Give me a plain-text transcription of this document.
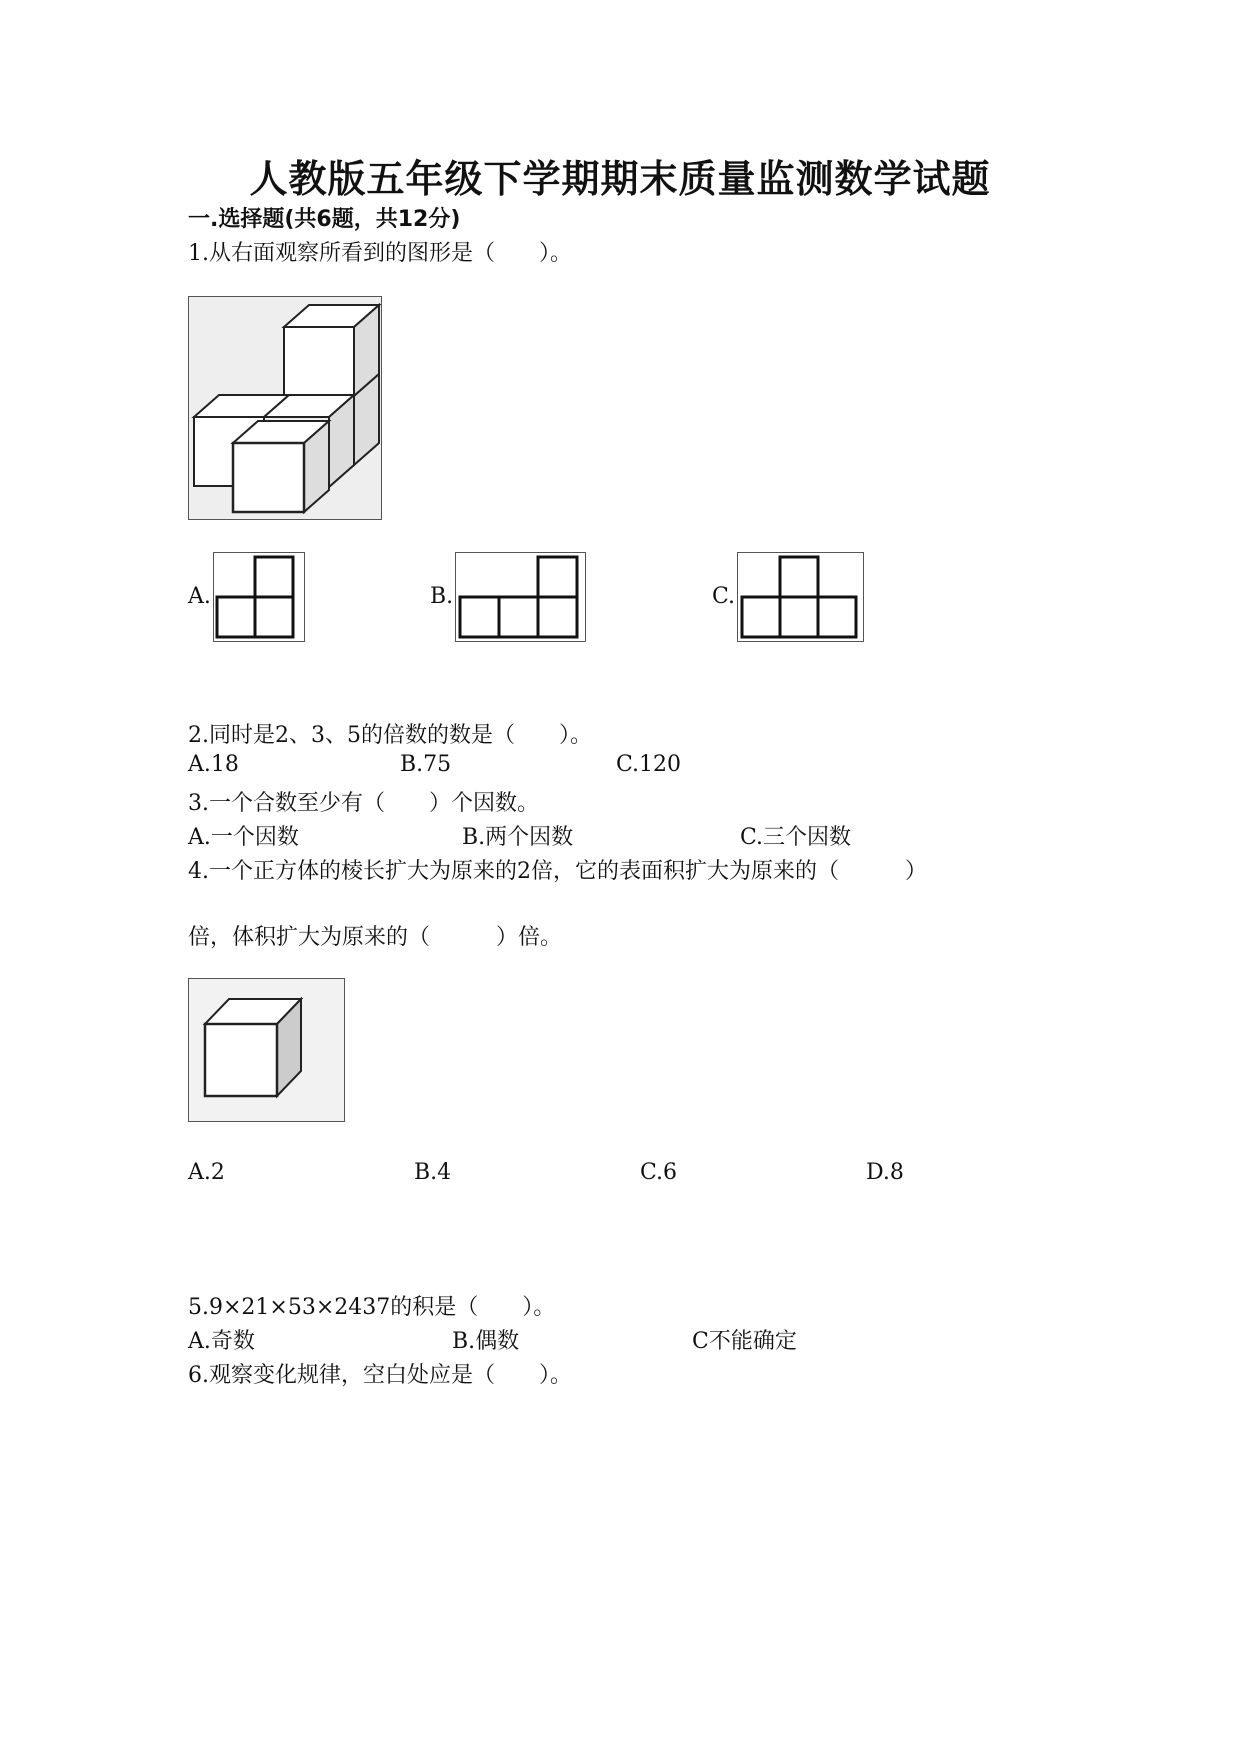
人教版五年级下学期期末质量监测数学试题
一.选择题(共6题，共12分)
1.从右面观察所看到的图形是（　　）。
A.	B.	C.
2.同时是2、3、5的倍数的数是（　　）。
A.18	B.75	C.120
3.一个合数至少有（　　）个因数。
A.一个因数	B.两个因数	C.三个因数
4.一个正方体的棱长扩大为原来的2倍，它的表面积扩大为原来的（　　　）
倍，体积扩大为原来的（　　　）倍。
A.2	B.4	C.6	D.8
5.9×21×53×2437的积是（　　）。
A.奇数	B.偶数	C不能确定
6.观察变化规律，空白处应是（　　）。
